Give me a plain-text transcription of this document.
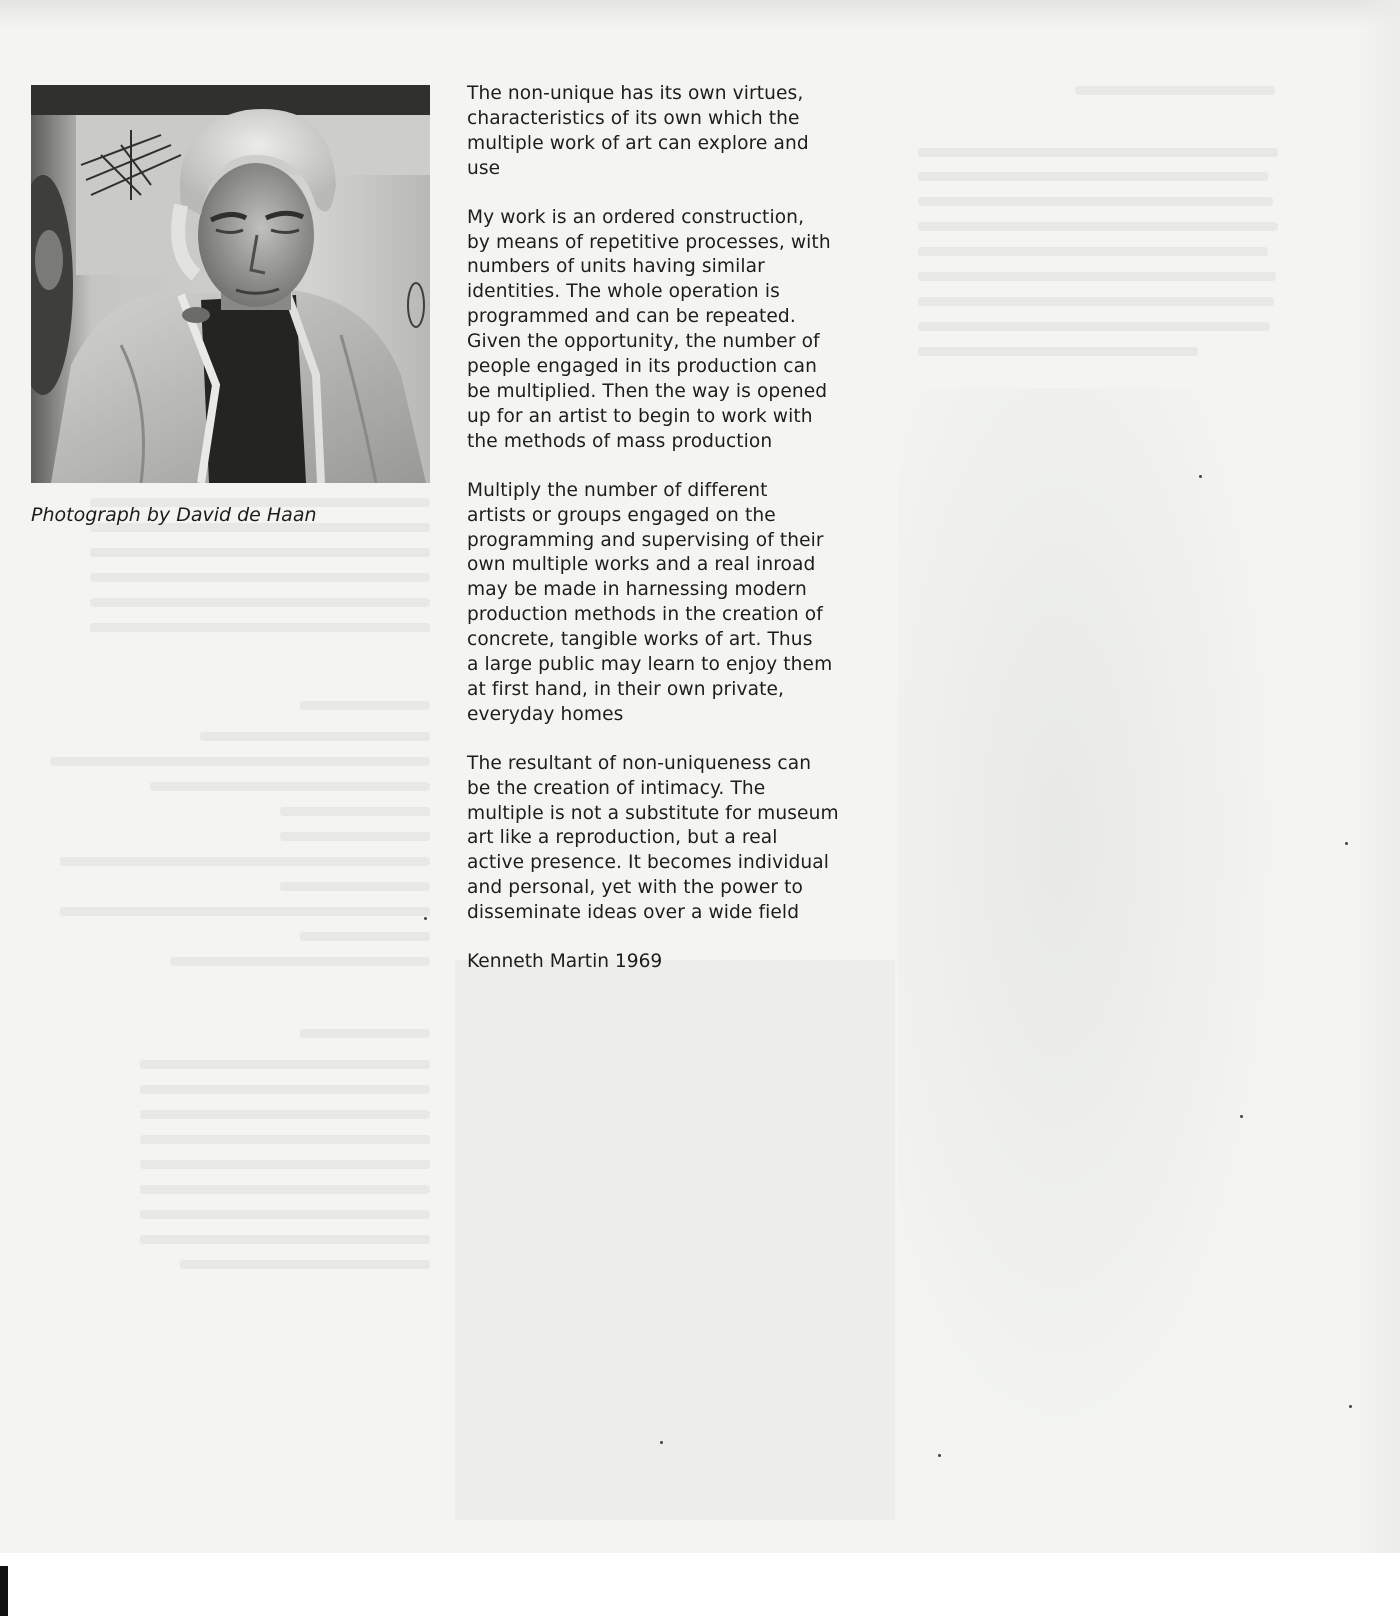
Photograph by David de Haan

The non-unique has its own virtues,
characteristics of its own which the
multiple work of art can explore and
use

My work is an ordered construction,
by means of repetitive processes, with
numbers of units having similar
identities. The whole operation is
programmed and can be repeated.
Given the opportunity, the number of
people engaged in its production can
be multiplied. Then the way is opened
up for an artist to begin to work with
the methods of mass production

Multiply the number of different
artists or groups engaged on the
programming and supervising of their
own multiple works and a real inroad
may be made in harnessing modern
production methods in the creation of
concrete, tangible works of art. Thus
a large public may learn to enjoy them
at first hand, in their own private,
everyday homes

The resultant of non-uniqueness can
be the creation of intimacy. The
multiple is not a substitute for museum
art like a reproduction, but a real
active presence. It becomes individual
and personal, yet with the power to
disseminate ideas over a wide field

Kenneth Martin 1969
